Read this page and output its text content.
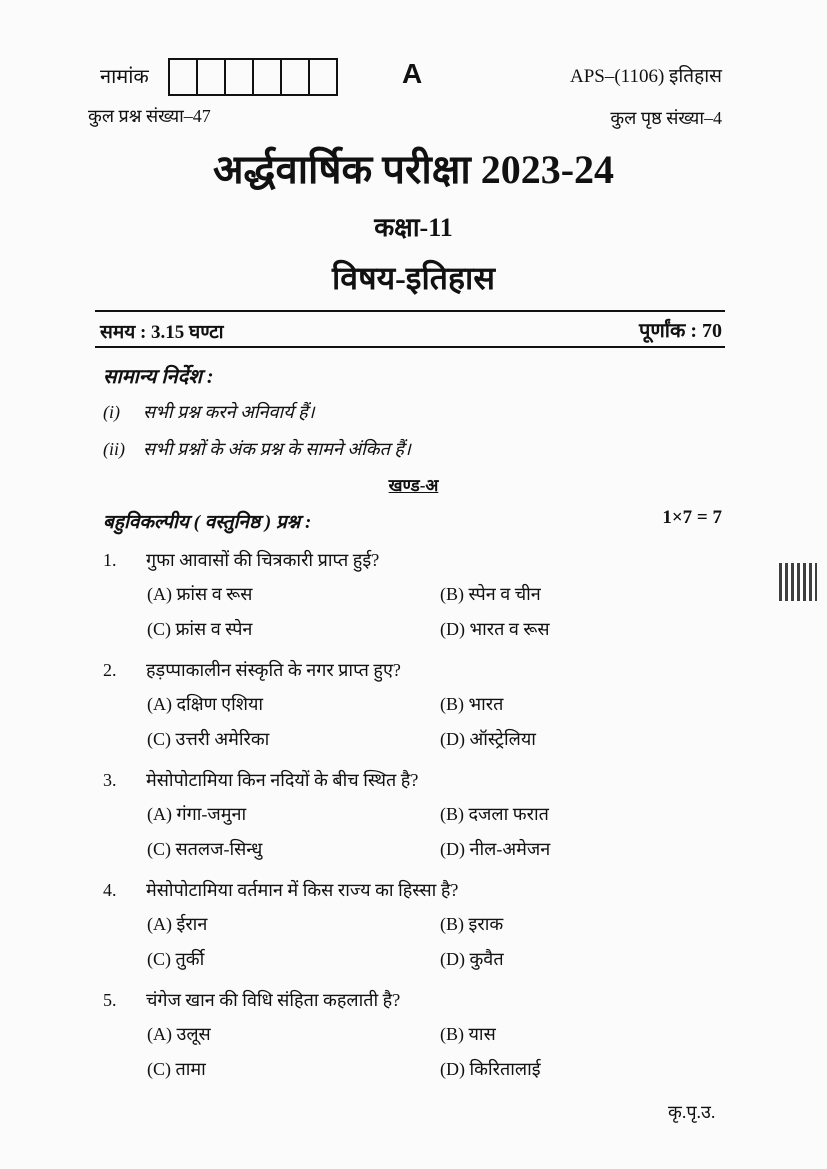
नामांक	A	APS–(1106) इतिहास
कुल प्रश्न संख्या–47	कुल पृष्ठ संख्या–4
अर्द्धवार्षिक परीक्षा 2023-24
कक्षा-11
विषय-इतिहास
समय : 3.15 घण्टा	पूर्णांक : 70
सामान्य निर्देश :
(i) सभी प्रश्न करने अनिवार्य हैं।
(ii) सभी प्रश्नों के अंक प्रश्न के सामने अंकित हैं।
खण्ड-अ
बहुविकल्पीय ( वस्तुनिष्ठ ) प्रश्न :	1×7 = 7
1. गुफा आवासों की चित्रकारी प्राप्त हुई?
(A) फ्रांस व रूस	(B) स्पेन व चीन
(C) फ्रांस व स्पेन	(D) भारत व रूस
2. हड़प्पाकालीन संस्कृति के नगर प्राप्त हुए?
(A) दक्षिण एशिया	(B) भारत
(C) उत्तरी अमेरिका	(D) ऑस्ट्रेलिया
3. मेसोपोटामिया किन नदियों के बीच स्थित है?
(A) गंगा-जमुना	(B) दजला फरात
(C) सतलज-सिन्धु	(D) नील-अमेजन
4. मेसोपोटामिया वर्तमान में किस राज्य का हिस्सा है?
(A) ईरान	(B) इराक
(C) तुर्की	(D) कुवैत
5. चंगेज खान की विधि संहिता कहलाती है?
(A) उलूस	(B) यास
(C) तामा	(D) किरितालाई
कृ.पृ.उ.
